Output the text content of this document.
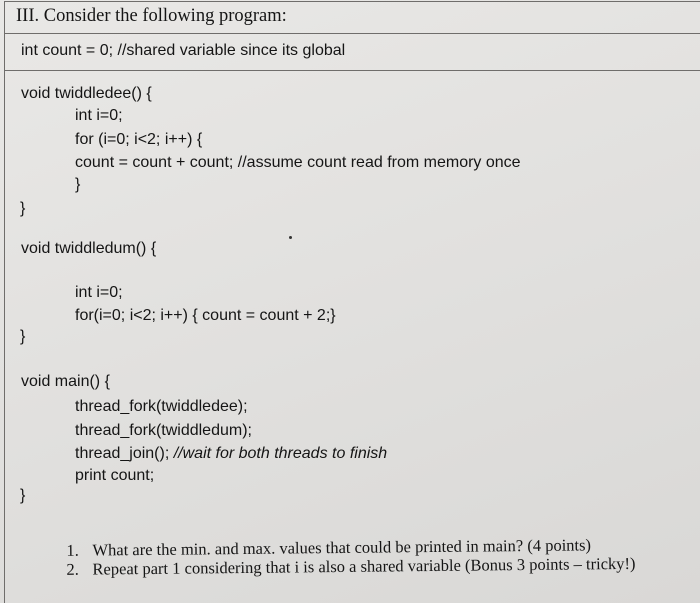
III. Consider the following program:
int count = 0; //shared variable since its global
void twiddledee() {
int i=0;
for (i=0; i<2; i++) {
count = count + count; //assume count read from memory once
}
}
void twiddledum() {
int i=0;
for(i=0; i<2; i++) { count = count + 2;}
}
void main() {
thread_fork(twiddledee);
thread_fork(twiddledum);
thread_join(); //wait for both threads to finish
print count;
}

1. What are the min. and max. values that could be printed in main? (4 points)

2. Repeat part 1 considering that i is also a shared variable (Bonus 3 points – tricky!)
